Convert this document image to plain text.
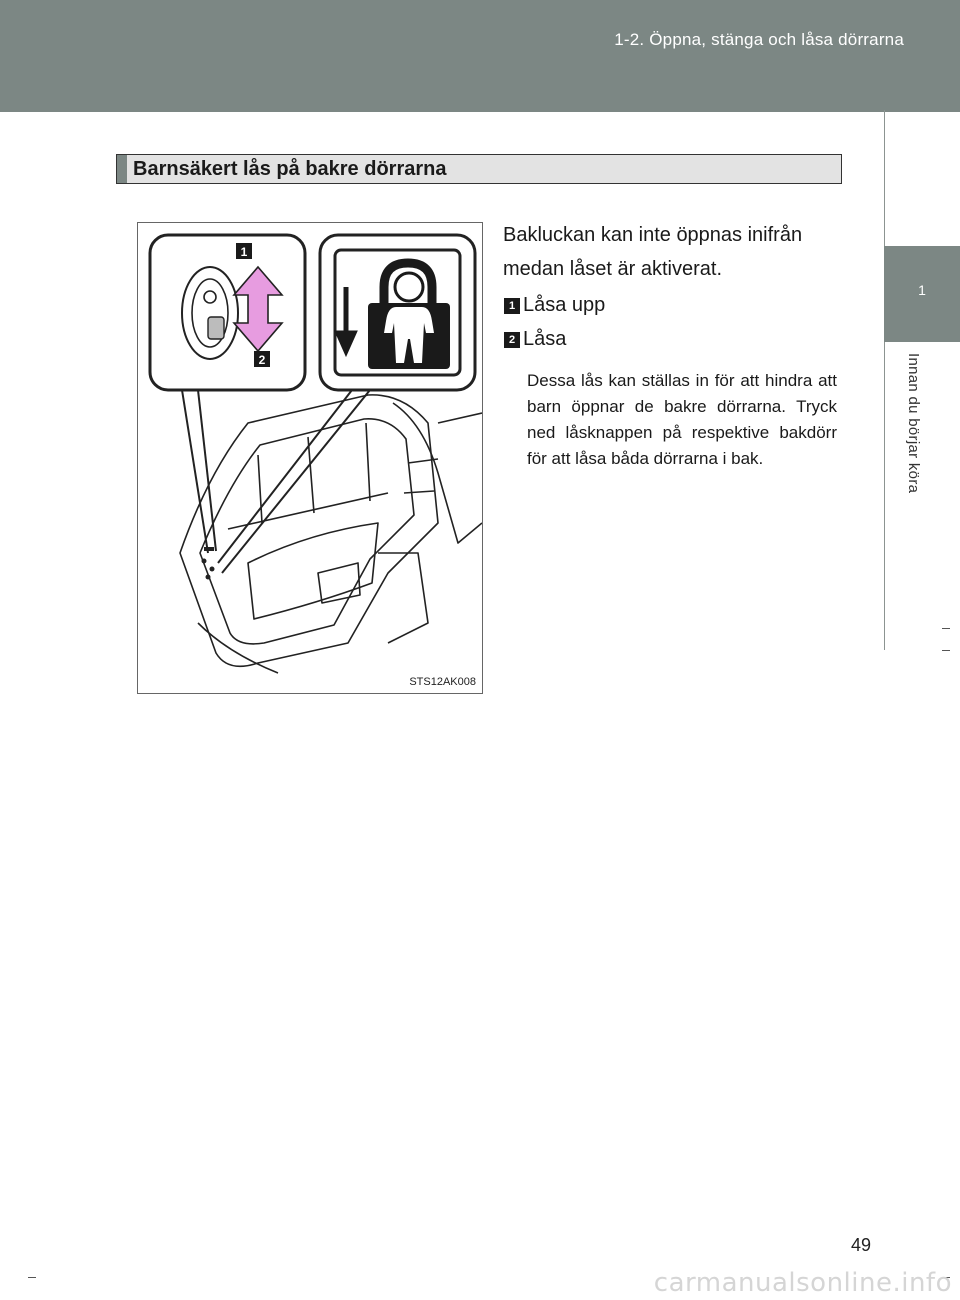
1-2. Öppna, stänga och låsa dörrarna
1
Innan du börjar köra
Barnsäkert lås på bakre dörrarna
1
2
STS12AK008
Bakluckan kan inte öppnas inifrån medan låset är aktiverat.
1 Låsa upp
2 Låsa
Dessa lås kan ställas in för att hindra att barn öppnar de bakre dörrarna. Tryck ned låsknappen på respektive bakdörr för att låsa båda dörrarna i bak.
49
carmanualsonline.info
